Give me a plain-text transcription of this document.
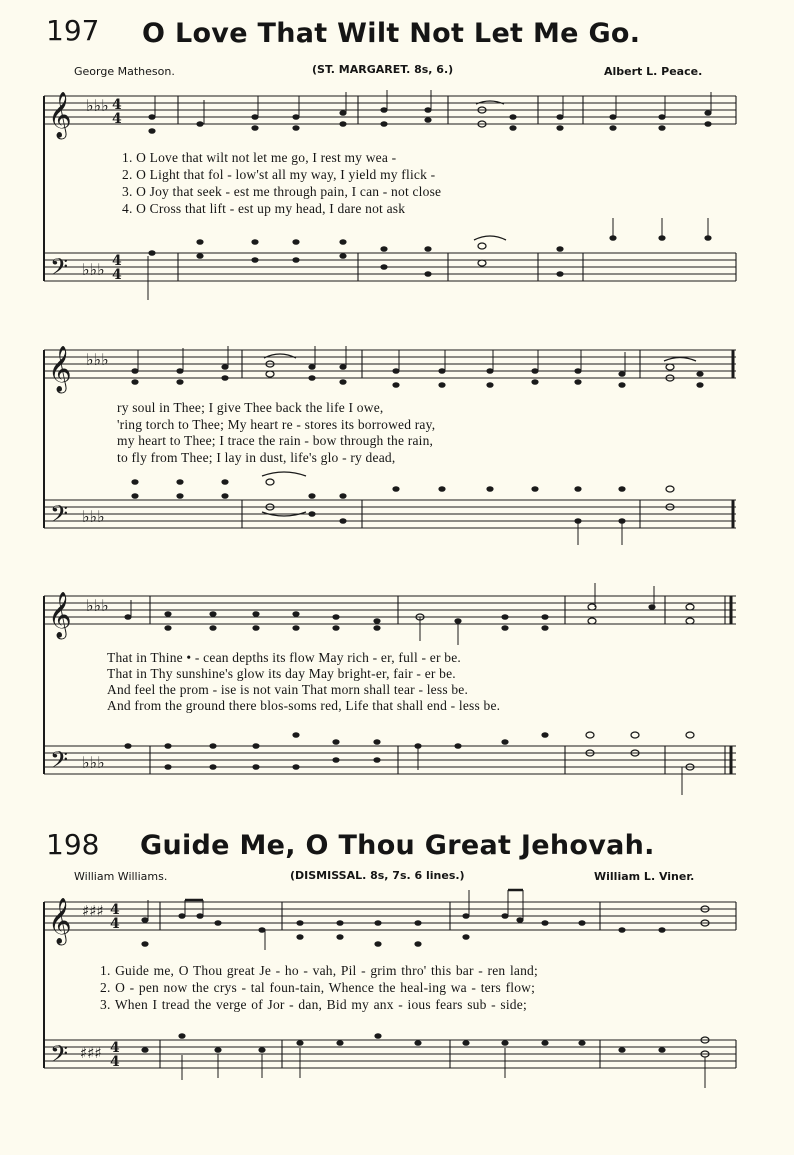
197 O Love That Wilt Not Let Me Go.
George Matheson.	(ST. MARGARET. 8s, 6.)	Albert L. Peace.
𝄞 ♭♭♭ 4
4
𝄢 ♭♭♭ 4
4
𝄞 ♭♭♭
𝄢 ♭♭♭
𝄞 ♭♭♭
𝄢 ♭♭♭
𝄞 ♯♯♯ 4
4
𝄢 ♯♯♯ 4
4
1. O Love that wilt not let me go, I rest my wea -
2. O Light that fol - low'st all my way, I yield my flick -
3. O Joy that seek - est me through pain, I can - not close
4. O Cross that lift - est up my head, I dare not ask
ry soul in Thee; I give Thee back the life I owe,
'ring torch to Thee; My heart re - stores its borrowed ray,
my heart to Thee; I trace the rain - bow through the rain,
to fly from Thee; I lay in dust, life's glo - ry dead,
That in Thine • - cean depths its flow May rich - er, full - er be.
That in Thy sunshine's glow its day May bright-er, fair - er be.
And feel the prom - ise is not vain That morn shall tear - less be.
And from the ground there blos-soms red, Life that shall end - less be.
198 Guide Me, O Thou Great Jehovah.
William Williams.	(DISMISSAL. 8s, 7s. 6 lines.)	William L. Viner.
1. Guide me, O Thou great Je - ho - vah, Pil - grim thro' this bar - ren land;
2. O - pen now the crys - tal foun-tain, Whence the heal-ing wa - ters flow;
3. When I tread the verge of Jor - dan, Bid my anx - ious fears sub - side;
